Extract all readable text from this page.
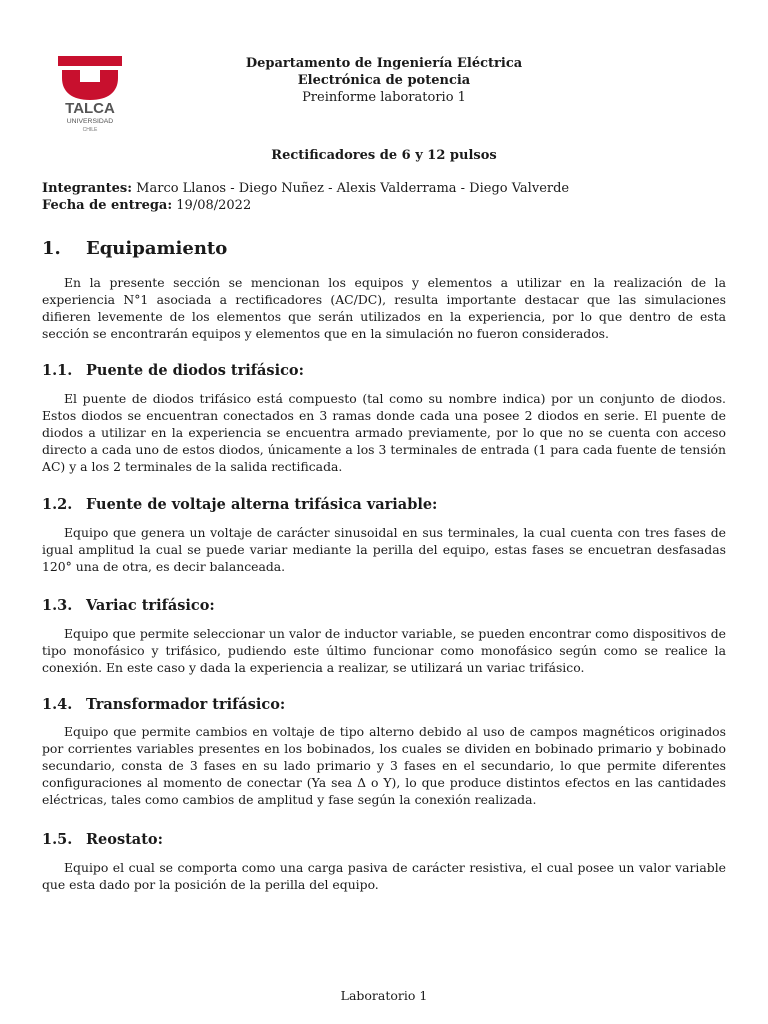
TALCA
UNIVERSIDAD
CHILE
Departamento de Ingeniería Eléctrica
Electrónica de potencia
Preinforme laboratorio 1
Rectificadores de 6 y 12 pulsos
Integrantes: Marco Llanos - Diego Nuñez - Alexis Valderrama - Diego Valverde
Fecha de entrega: 19/08/2022
1. Equipamiento
En la presente sección se mencionan los equipos y elementos a utilizar en la realización de la experiencia N°1 asociada a rectificadores (AC/DC), resulta importante destacar que las simulaciones difieren levemente de los elementos que serán utilizados en la experiencia, por lo que dentro de esta sección se encontrarán equipos y elementos que en la simulación no fueron considerados.
1.1. Puente de diodos trifásico:
El puente de diodos trifásico está compuesto (tal como su nombre indica) por un conjunto de diodos. Estos diodos se encuentran conectados en 3 ramas donde cada una posee 2 diodos en serie. El puente de diodos a utilizar en la experiencia se encuentra armado previamente, por lo que no se cuenta con acceso directo a cada uno de estos diodos, únicamente a los 3 terminales de entrada (1 para cada fuente de tensión AC) y a los 2 terminales de la salida rectificada.
1.2. Fuente de voltaje alterna trifásica variable:
Equipo que genera un voltaje de carácter sinusoidal en sus terminales, la cual cuenta con tres fases de igual amplitud la cual se puede variar mediante la perilla del equipo, estas fases se encuetran desfasadas 120° una de otra, es decir balanceada.
1.3. Variac trifásico:
Equipo que permite seleccionar un valor de inductor variable, se pueden encontrar como dispositivos de tipo monofásico y trifásico, pudiendo este último funcionar como monofásico según como se realice la conexión. En este caso y dada la experiencia a realizar, se utilizará un variac trifásico.
1.4. Transformador trifásico:
Equipo que permite cambios en voltaje de tipo alterno debido al uso de campos magnéticos originados por corrientes variables presentes en los bobinados, los cuales se dividen en bobinado primario y bobinado secundario, consta de 3 fases en su lado primario y 3 fases en el secundario, lo que permite diferentes configuraciones al momento de conectar (Ya sea Δ o Y), lo que produce distintos efectos en las cantidades eléctricas, tales como cambios de amplitud y fase según la conexión realizada.
1.5. Reostato:
Equipo el cual se comporta como una carga pasiva de carácter resistiva, el cual posee un valor variable que esta dado por la posición de la perilla del equipo.
Laboratorio 1
